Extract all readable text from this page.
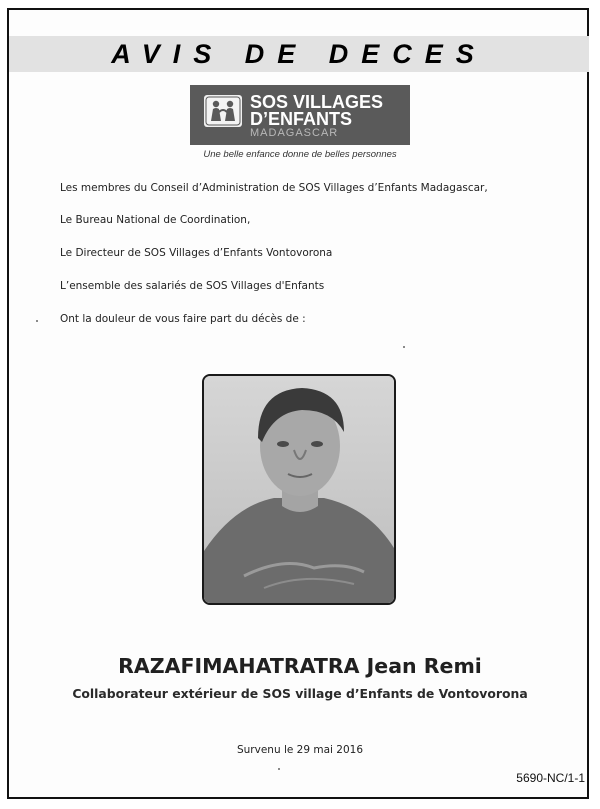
AVIS DE DECES
SOS VILLAGES
D’ENFANTS
MADAGASCAR
Une belle enfance donne de belles personnes
Les membres du Conseil d’Administration de SOS Villages d’Enfants Madagascar,
Le Bureau National de Coordination,
Le Directeur de SOS Villages d’Enfants Vontovorona
L’ensemble des salariés de SOS Villages d'Enfants
Ont la douleur de vous faire part du décès de :
RAZAFIMAHATRATRA Jean Remi
Collaborateur extérieur de SOS village d’Enfants de Vontovorona
Survenu le 29 mai 2016
5690-NC/1-1
